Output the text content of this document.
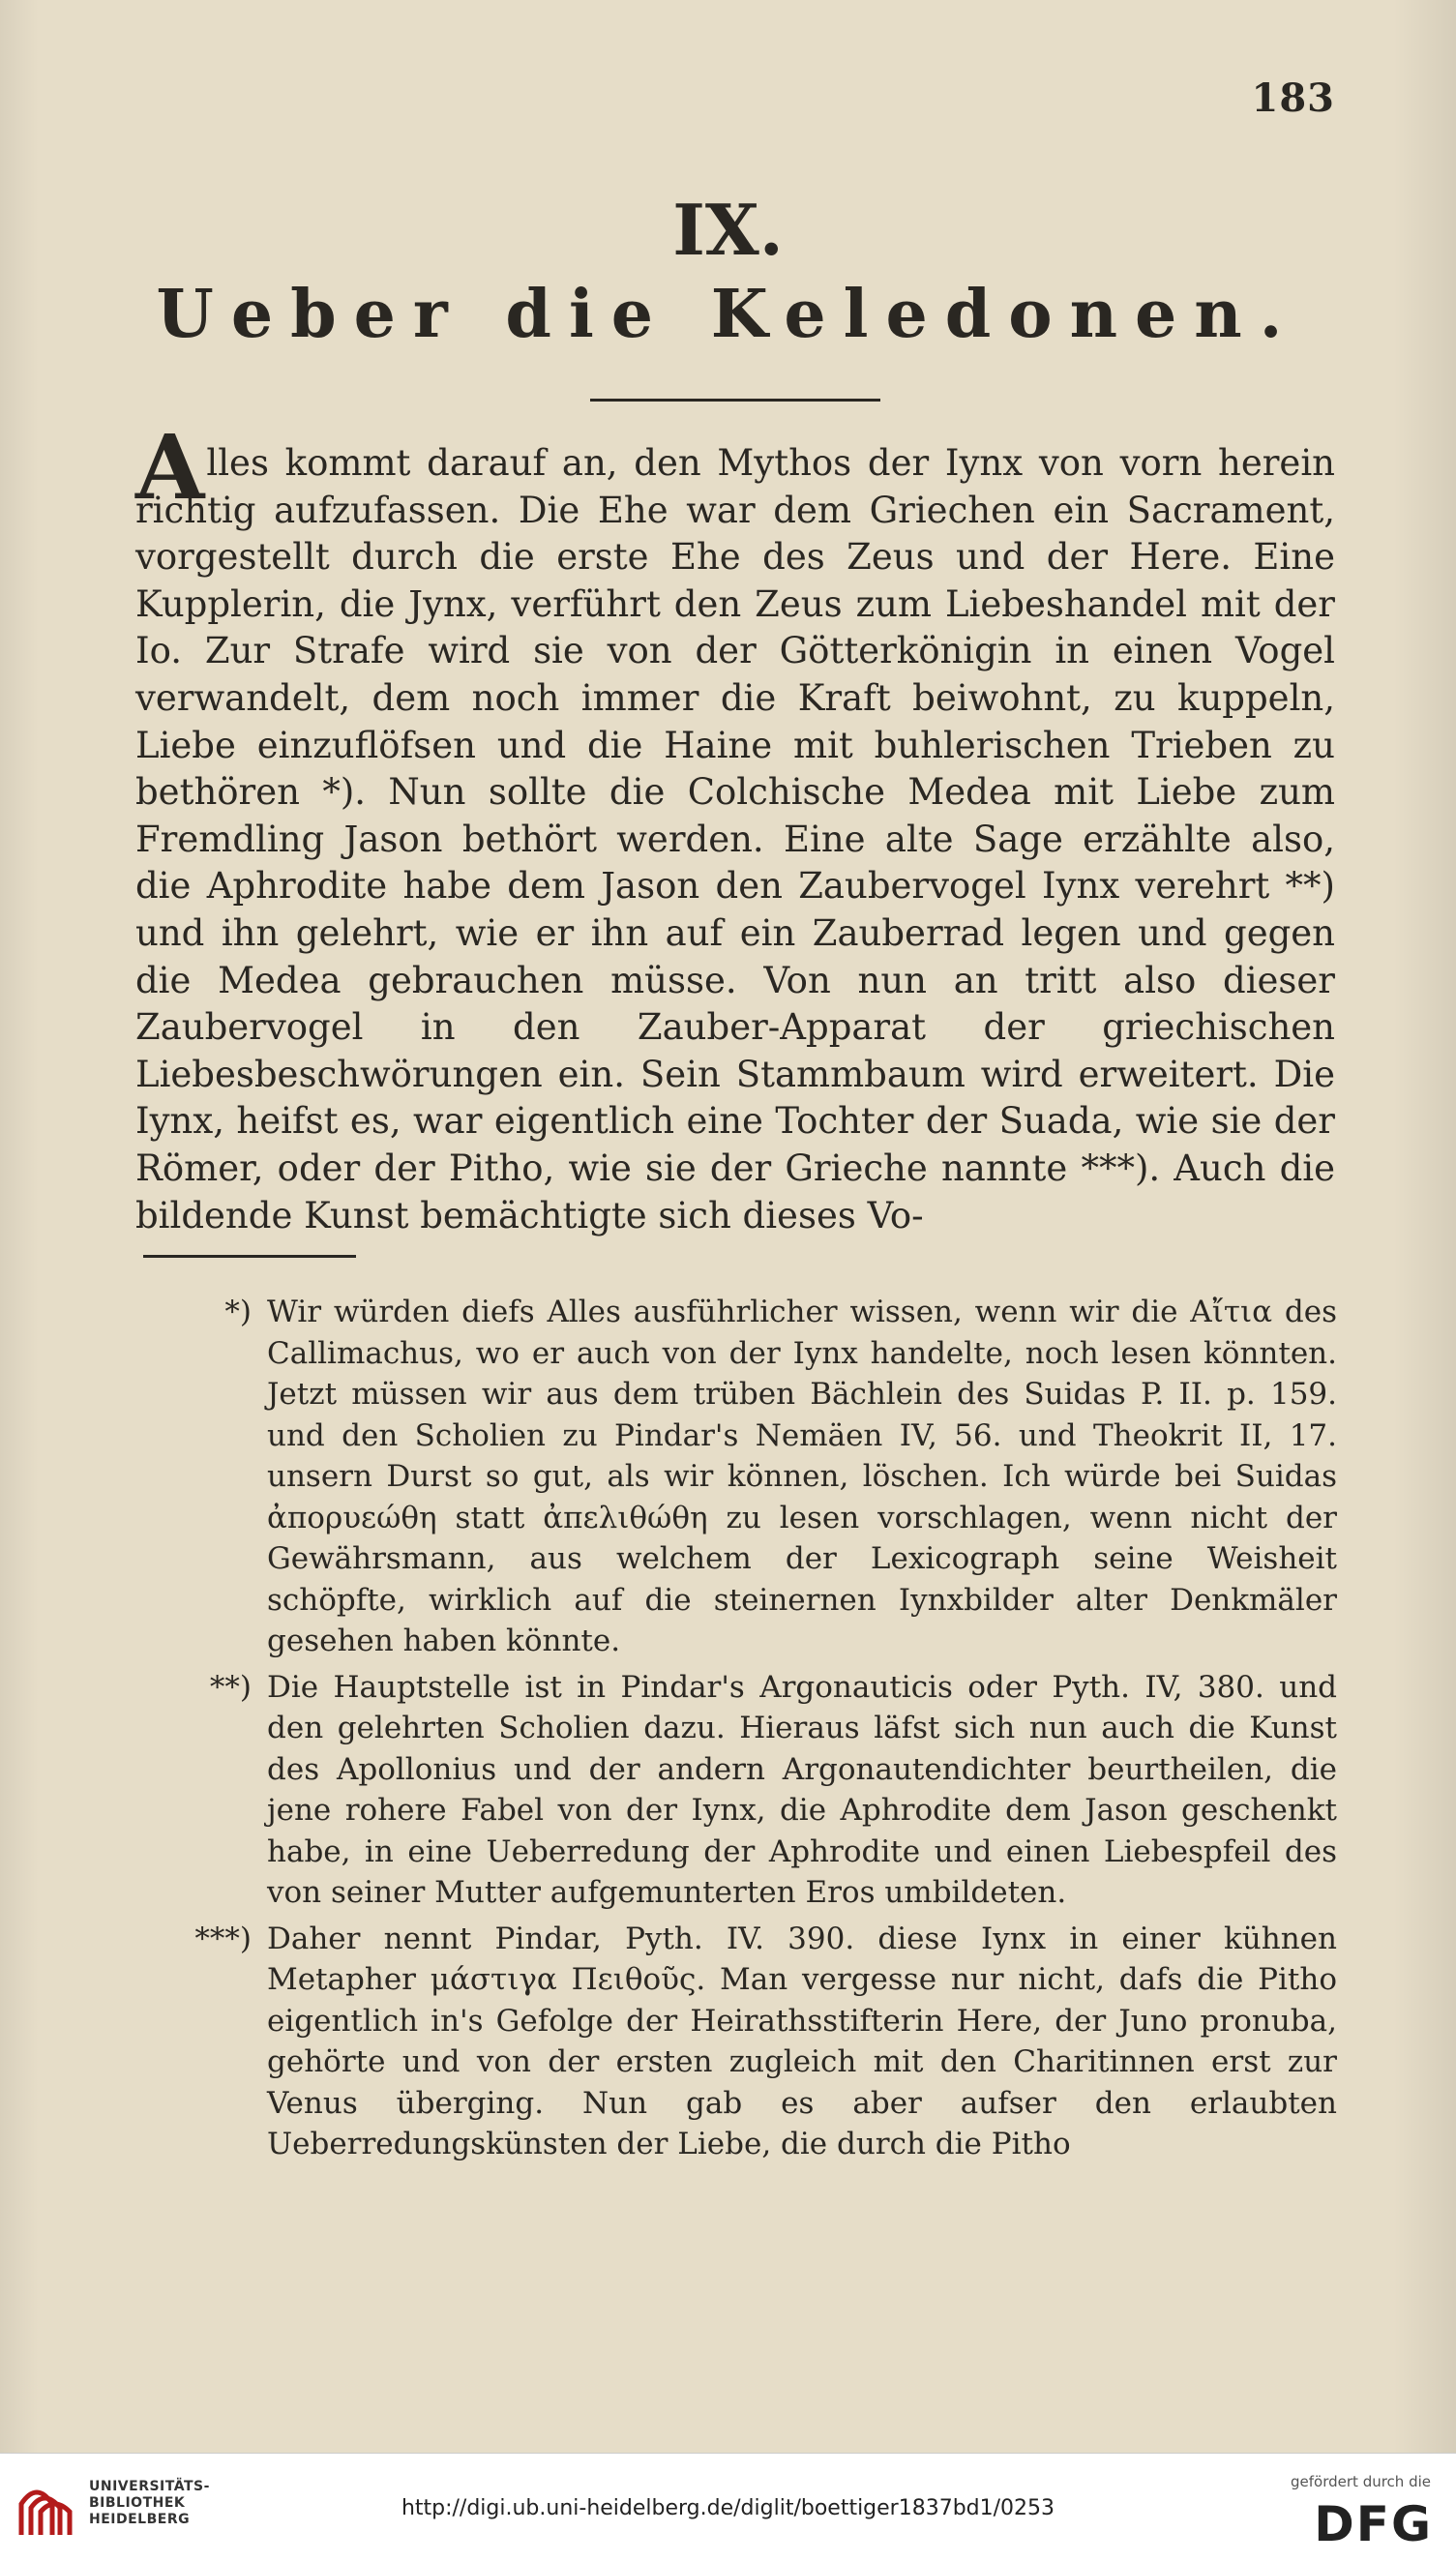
183
IX.
Ueber die Keledonen.

Alles kommt darauf an, den Mythos der Iynx von vorn herein richtig aufzufassen. Die Ehe war dem Griechen ein Sacrament, vorgestellt durch die erste Ehe des Zeus und der Here. Eine Kupplerin, die Jynx, verführt den Zeus zum Liebeshandel mit der Io. Zur Strafe wird sie von der Götterkönigin in einen Vogel verwandelt, dem noch immer die Kraft beiwohnt, zu kuppeln, Liebe einzuflöfsen und die Haine mit buhlerischen Trieben zu bethören *). Nun sollte die Colchische Medea mit Liebe zum Fremdling Jason bethört werden. Eine alte Sage erzählte also, die Aphrodite habe dem Jason den Zaubervogel Iynx verehrt **) und ihn gelehrt, wie er ihn auf ein Zauberrad legen und gegen die Medea gebrauchen müsse. Von nun an tritt also dieser Zaubervogel in den Zauber-Apparat der griechischen Liebesbeschwörungen ein. Sein Stammbaum wird erweitert. Die Iynx, heifst es, war eigentlich eine Tochter der Suada, wie sie der Römer, oder der Pitho, wie sie der Grieche nannte ***). Auch die bildende Kunst bemächtigte sich dieses Vo-

*) Wir würden diefs Alles ausführlicher wissen, wenn wir die Αἴτια des Callimachus, wo er auch von der Iynx handelte, noch lesen könnten. Jetzt müssen wir aus dem trüben Bächlein des Suidas P. II. p. 159. und den Scholien zu Pindar's Nemäen IV, 56. und Theokrit II, 17. unsern Durst so gut, als wir können, löschen. Ich würde bei Suidas ἀπορυεώθη statt ἀπελιθώθη zu lesen vorschlagen, wenn nicht der Gewährsmann, aus welchem der Lexicograph seine Weisheit schöpfte, wirklich auf die steinernen Iynxbilder alter Denkmäler gesehen haben könnte.
**) Die Hauptstelle ist in Pindar's Argonauticis oder Pyth. IV, 380. und den gelehrten Scholien dazu. Hieraus läfst sich nun auch die Kunst des Apollonius und der andern Argonautendichter beurtheilen, die jene rohere Fabel von der Iynx, die Aphrodite dem Jason geschenkt habe, in eine Ueberredung der Aphrodite und einen Liebespfeil des von seiner Mutter aufgemunterten Eros umbildeten.
***) Daher nennt Pindar, Pyth. IV. 390. diese Iynx in einer kühnen Metapher μάστιγα Πειθοῦς. Man vergesse nur nicht, dafs die Pitho eigentlich in's Gefolge der Heirathsstifterin Here, der Juno pronuba, gehörte und von der ersten zugleich mit den Charitinnen erst zur Venus überging. Nun gab es aber aufser den erlaubten Ueberredungskünsten der Liebe, die durch die Pitho
UNIVERSITÄTS-
BIBLIOTHEK
HEIDELBERG	http://digi.ub.uni-heidelberg.de/diglit/boettiger1837bd1/0253
gefördert durch die
DFG
